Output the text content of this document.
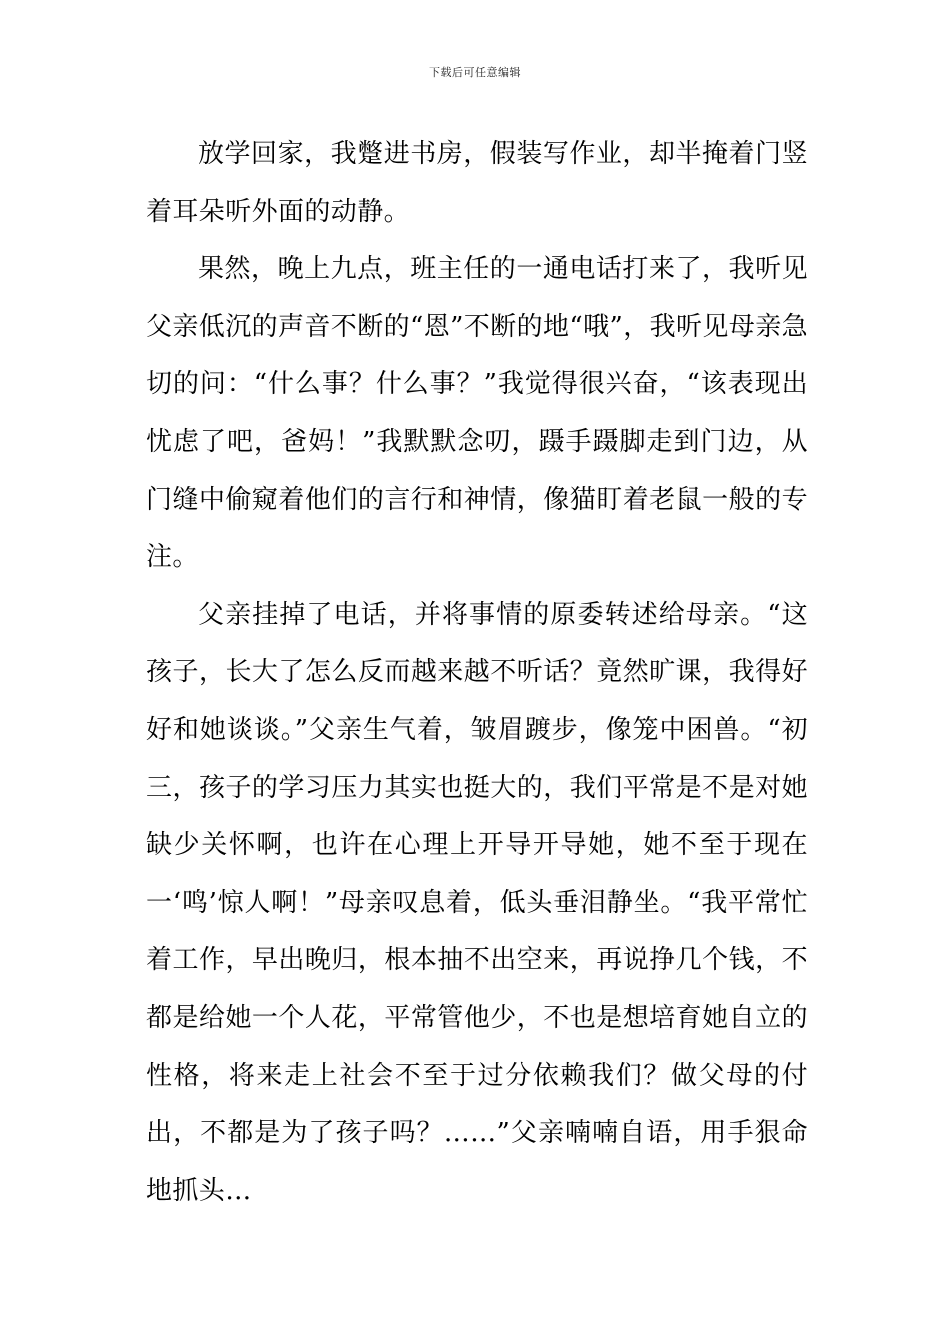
下载后可任意编辑

放学回家，我蹩进书房，假装写作业，却半掩着门竖着耳朵听外面的动静。

果然，晚上九点，班主任的一通电话打来了，我听见父亲低沉的声音不断的“恩”不断的地“哦”，我听见母亲急切的问：“什么事？什么事？”我觉得很兴奋，“该表现出忧虑了吧，爸妈！”我默默念叨，蹑手蹑脚走到门边，从门缝中偷窥着他们的言行和神情，像猫盯着老鼠一般的专注。

父亲挂掉了电话，并将事情的原委转述给母亲。“这孩子，长大了怎么反而越来越不听话？竟然旷课，我得好好和她谈谈。”父亲生气着，皱眉踱步，像笼中困兽。“初三，孩子的学习压力其实也挺大的，我们平常是不是对她缺少关怀啊，也许在心理上开导开导她，她不至于现在一‘鸣’惊人啊！”母亲叹息着，低头垂泪静坐。“我平常忙着工作，早出晚归，根本抽不出空来，再说挣几个钱，不都是给她一个人花，平常管他少，不也是想培育她自立的性格，将来走上社会不至于过分依赖我们？做父母的付出，不都是为了孩子吗？……”父亲喃喃自语，用手狠命地抓头…
